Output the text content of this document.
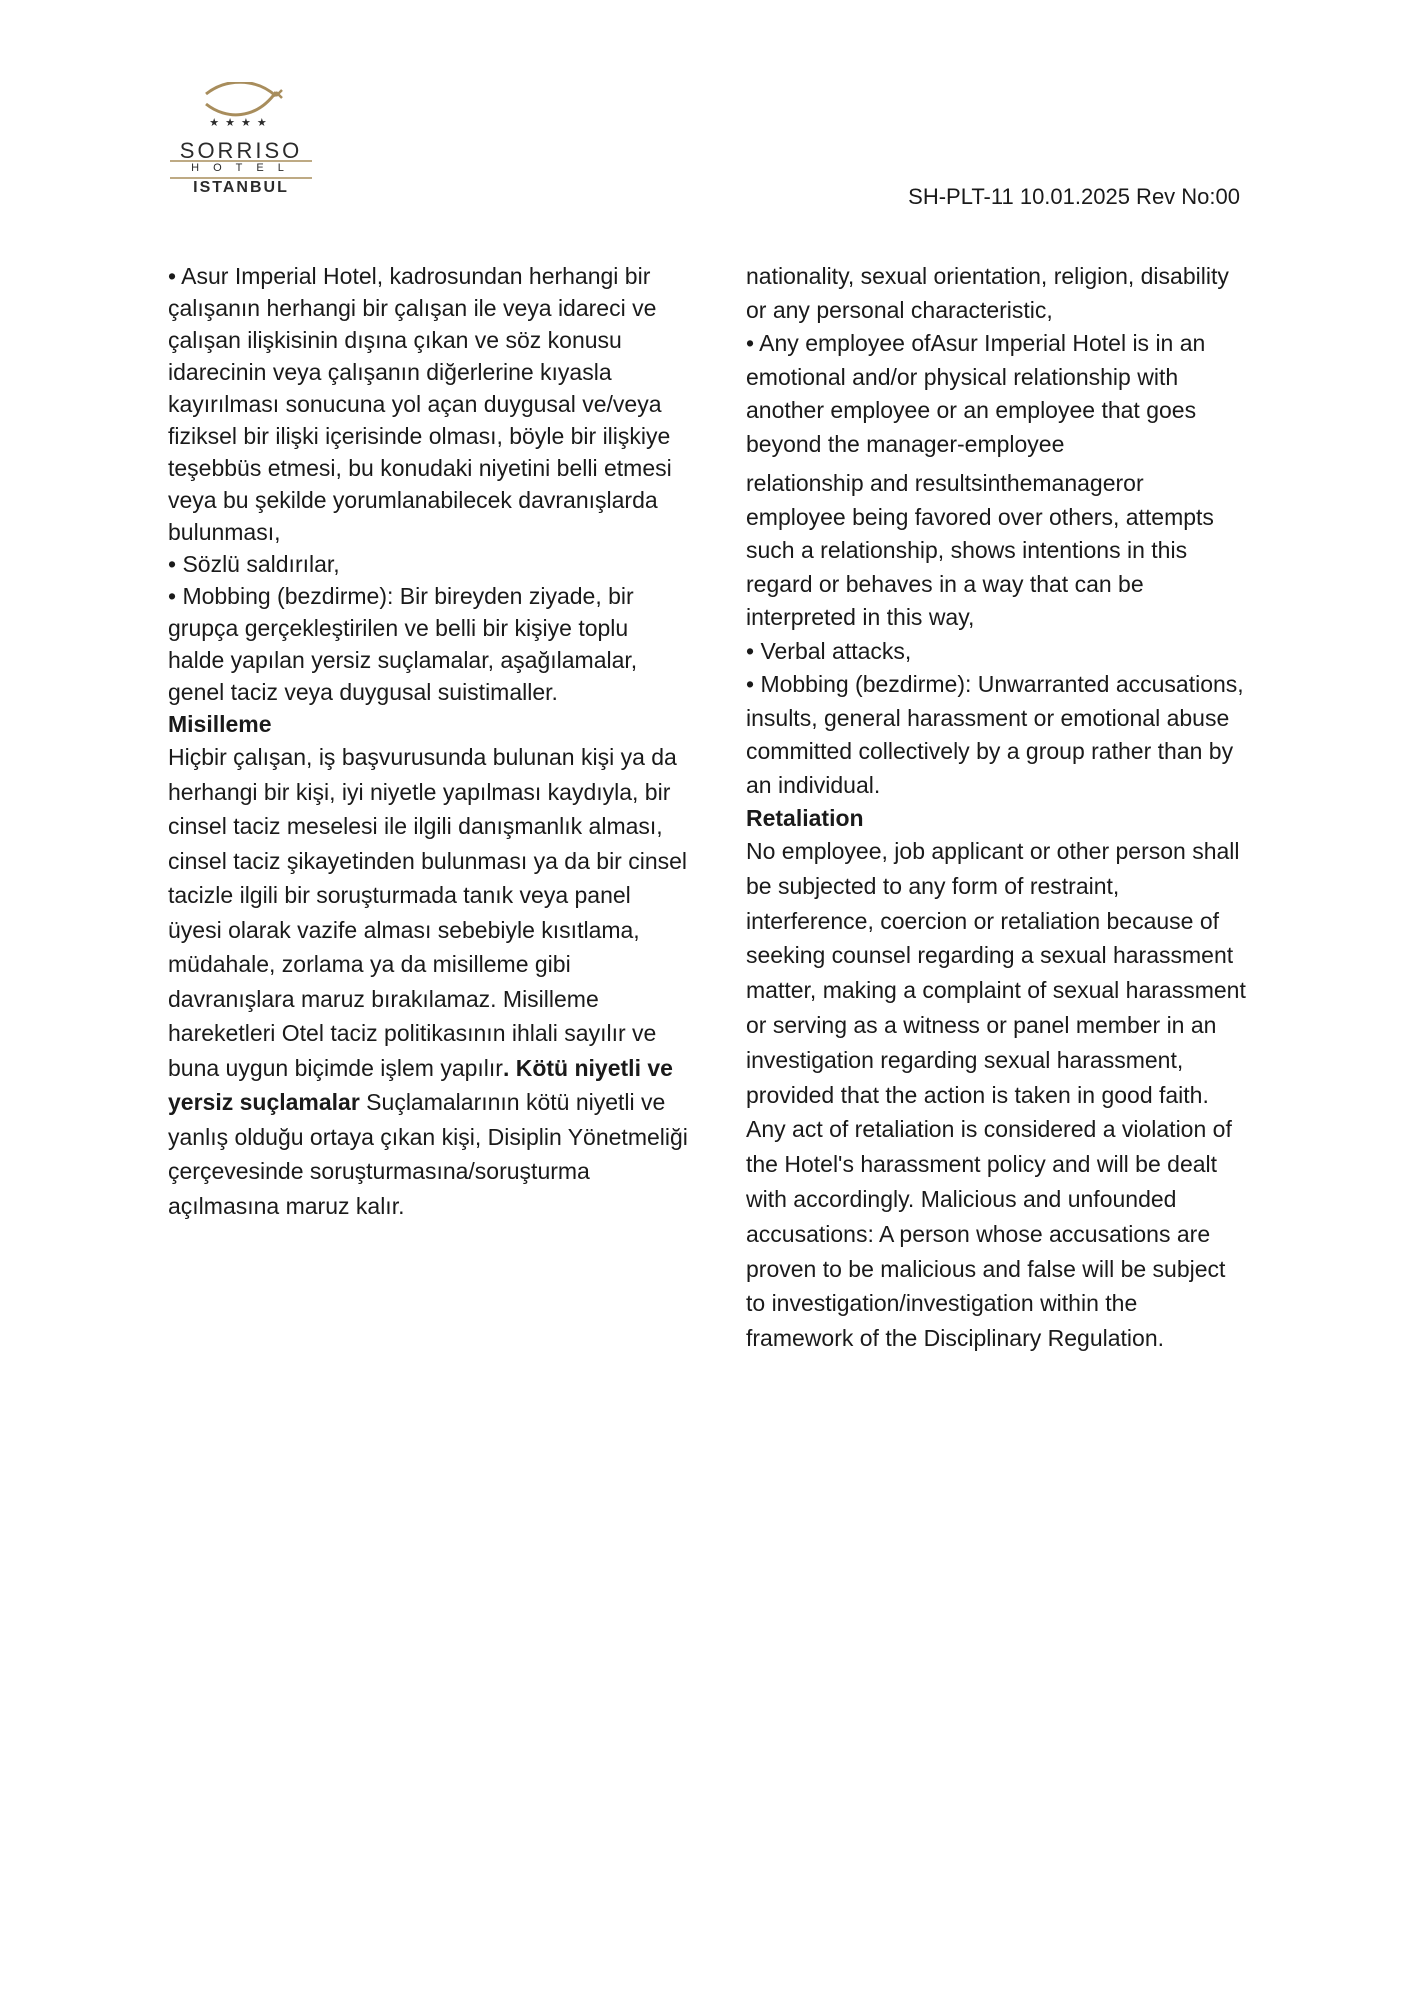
★★★★
SORRISO
HOTEL
ISTANBUL	SH-PLT-11 10.01.2025 Rev No:00

• Asur Imperial Hotel, kadrosundan herhangi bir çalışanın herhangi bir çalışan ile veya idareci ve çalışan ilişkisinin dışına çıkan ve söz konusu idarecinin veya çalışanın diğerlerine kıyasla kayırılması sonucuna yol açan duygusal ve/veya fiziksel bir ilişki içerisinde olması, böyle bir ilişkiye teşebbüs etmesi, bu konudaki niyetini belli etmesi veya bu şekilde yorumlanabilecek davranışlarda bulunması,

• Sözlü saldırılar,

• Mobbing (bezdirme): Bir bireyden ziyade, bir grupça gerçekleştirilen ve belli bir kişiye toplu halde yapılan yersiz suçlamalar, aşağılamalar, genel taciz veya duygusal suistimaller.

Misilleme

Hiçbir çalışan, iş başvurusunda bulunan kişi ya da herhangi bir kişi, iyi niyetle yapılması kaydıyla, bir cinsel taciz meselesi ile ilgili danışmanlık alması, cinsel taciz şikayetinden bulunması ya da bir cinsel tacizle ilgili bir soruşturmada tanık veya panel üyesi olarak vazife alması sebebiyle kısıtlama, müdahale, zorlama ya da misilleme gibi davranışlara maruz bırakılamaz. Misilleme hareketleri Otel taciz politikasının ihlali sayılır ve buna uygun biçimde işlem yapılır. Kötü niyetli ve yersiz suçlamalar Suçlamalarının kötü niyetli ve yanlış olduğu ortaya çıkan kişi, Disiplin Yönetmeliği çerçevesinde soruşturmasına/soruşturma açılmasına maruz kalır.

nationality, sexual orientation, religion, disability or any personal characteristic,

• Any employee ofAsur Imperial Hotel is in an emotional and/or physical relationship with another employee or an employee that goes

beyond the manager-employee

relationship and resultsinthemanageror employee being favored over others, attempts such a relationship, shows intentions in this regard or behaves in a way that can be interpreted in this way,

• Verbal attacks,

• Mobbing (bezdirme): Unwarranted accusations, insults, general harassment or emotional abuse committed collectively by a group rather than by an individual.

Retaliation

No employee, job applicant or other person shall be subjected to any form of restraint, interference, coercion or retaliation because of seeking counsel regarding a sexual harassment matter, making a complaint of sexual harassment or serving as a witness or panel member in an investigation regarding sexual harassment, provided that the action is taken in good faith. Any act of retaliation is considered a violation of the Hotel's harassment policy and will be dealt with accordingly. Malicious and unfounded accusations: A person whose accusations are proven to be malicious and false will be subject to investigation/investigation within the framework of the Disciplinary Regulation.
